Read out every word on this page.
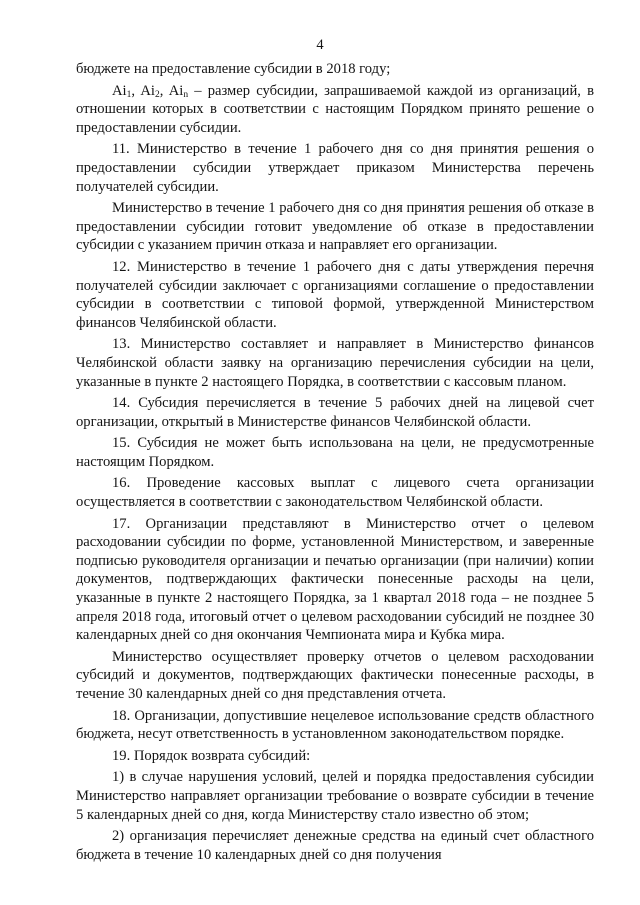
4

бюджете на предоставление субсидии в 2018 году;

$Ai_1$, $Ai_2$, $Ai_n$ – размер субсидии, запрашиваемой каждой из организаций, в отношении которых в соответствии с настоящим Порядком принято решение о предоставлении субсидии.

11. Министерство в течение 1 рабочего дня со дня принятия решения о предоставлении субсидии утверждает приказом Министерства перечень получателей субсидии.

Министерство в течение 1 рабочего дня со дня принятия решения об отказе в предоставлении субсидии готовит уведомление об отказе в предоставлении субсидии с указанием причин отказа и направляет его организации.

12. Министерство в течение 1 рабочего дня с даты утверждения перечня получателей субсидии заключает с организациями соглашение о предоставлении субсидии в соответствии с типовой формой, утвержденной Министерством финансов Челябинской области.

13. Министерство составляет и направляет в Министерство финансов Челябинской области заявку на организацию перечисления субсидии на цели, указанные в пункте 2 настоящего Порядка, в соответствии с кассовым планом.

14. Субсидия перечисляется в течение 5 рабочих дней на лицевой счет организации, открытый в Министерстве финансов Челябинской области.

15. Субсидия не может быть использована на цели, не предусмотренные настоящим Порядком.

16. Проведение кассовых выплат с лицевого счета организации осуществляется в соответствии с законодательством Челябинской области.

17. Организации представляют в Министерство отчет о целевом расходовании субсидии по форме, установленной Министерством, и заверенные подписью руководителя организации и печатью организации (при наличии) копии документов, подтверждающих фактически понесенные расходы на цели, указанные в пункте 2 настоящего Порядка, за 1 квартал 2018 года – не позднее 5 апреля 2018 года, итоговый отчет о целевом расходовании субсидий не позднее 30 календарных дней со дня окончания Чемпионата мира и Кубка мира.

Министерство осуществляет проверку отчетов о целевом расходовании субсидий и документов, подтверждающих фактически понесенные расходы, в течение 30 календарных дней со дня представления отчета.

18. Организации, допустившие нецелевое использование средств областного бюджета, несут ответственность в установленном законодательством порядке.

19. Порядок возврата субсидий:

1) в случае нарушения условий, целей и порядка предоставления субсидии Министерство направляет организации требование о возврате субсидии в течение 5 календарных дней со дня, когда Министерству стало известно об этом;

2) организация перечисляет денежные средства на единый счет областного бюджета в течение 10 календарных дней со дня получения
